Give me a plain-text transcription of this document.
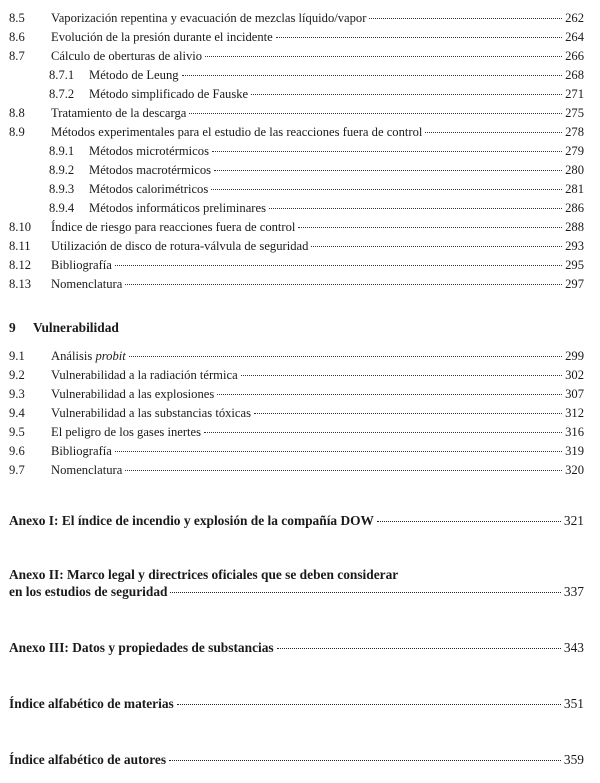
8.5 Vaporización repentina y evacuación de mezclas líquido/vapor	262
8.6 Evolución de la presión durante el incidente	264
8.7 Cálculo de oberturas de alivio	266
8.7.1	Método de Leung	268
8.7.2	Método simplificado de Fauske	271
8.8 Tratamiento de la descarga	275
8.9 Métodos experimentales para el estudio de las reacciones fuera de control	278
8.9.1	Métodos microtérmicos	279
8.9.2	Métodos macrotérmicos	280
8.9.3	Métodos calorimétricos	281
8.9.4	Métodos informáticos preliminares	286
8.10 Índice de riesgo para reacciones fuera de control	288
8.11 Utilización de disco de rotura-válvula de seguridad	293
8.12 Bibliografía	295
8.13 Nomenclatura	297
9 Vulnerabilidad
9.1 Análisis probit	299
9.2 Vulnerabilidad a la radiación térmica	302
9.3 Vulnerabilidad a las explosiones	307
9.4 Vulnerabilidad a las substancias tóxicas	312
9.5 El peligro de los gases inertes	316
9.6 Bibliografía	319
9.7 Nomenclatura	320
Anexo I: El índice de incendio y explosión de la compañía DOW	321
Anexo II: Marco legal y directrices oficiales que se deben considerar
en los estudios de seguridad	337
Anexo III: Datos y propiedades de substancias	343
Índice alfabético de materias	351
Índice alfabético de autores	359
